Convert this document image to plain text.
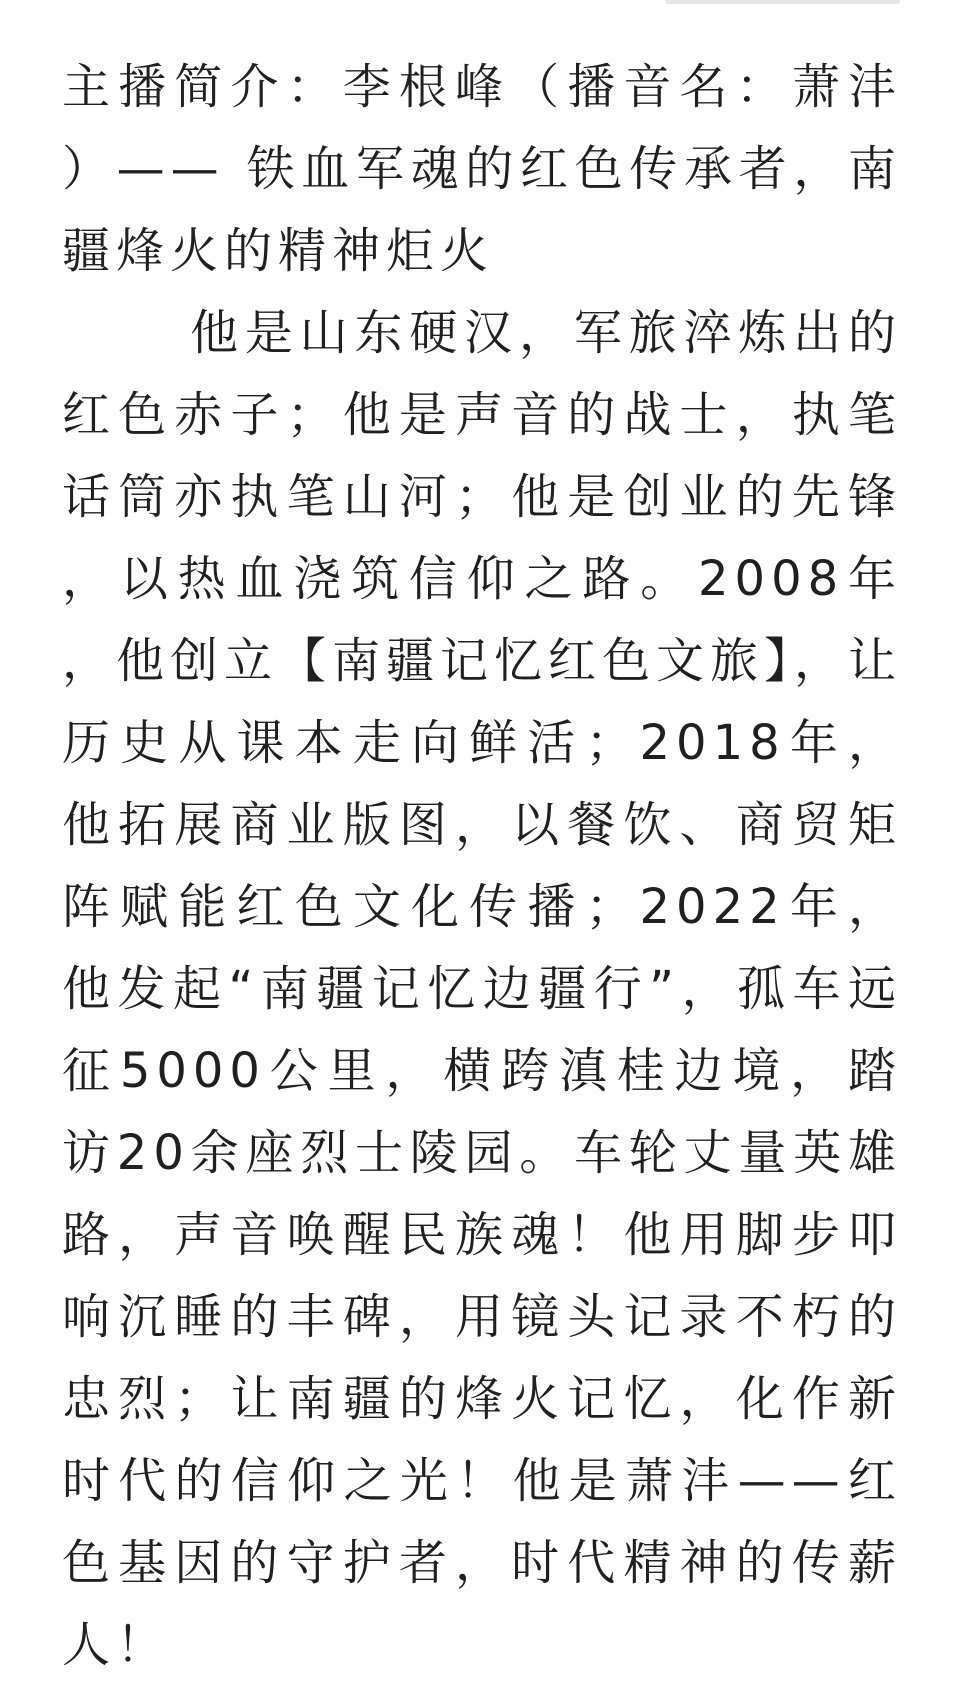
主播简介：李根峰（播音名：萧沣）—— 铁血军魂的红色传承者，南疆烽火的精神炬火

他是山东硬汉，军旅淬炼出的红色赤子；他是声音的战士，执笔话筒亦执笔山河；他是创业的先锋，以热血浇筑信仰之路。2008年，他创立【南疆记忆红色文旅】，让历史从课本走向鲜活；2018年，他拓展商业版图，以餐饮、商贸矩阵赋能红色文化传播；2022年，他发起“南疆记忆边疆行”，孤车远征5000公里，横跨滇桂边境，踏访20余座烈士陵园。车轮丈量英雄路，声音唤醒民族魂！他用脚步叩响沉睡的丰碑，用镜头记录不朽的忠烈；让南疆的烽火记忆，化作新时代的信仰之光！他是萧沣——红色基因的守护者，时代精神的传薪人！
